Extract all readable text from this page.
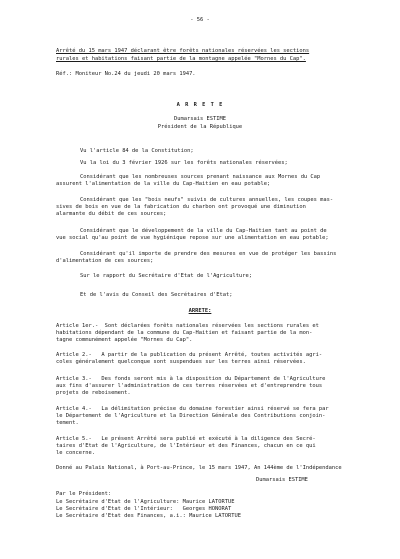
- 56 -
Arrêté du 15 mars 1947 déclarant être forêts nationales réservées les sections
rurales et habitations faisant partie de la montagne appelée "Mornes du Cap".
Réf.: Moniteur No.24 du jeudi 20 mars 1947.
A R R E T E
Dumarsais ESTIME
Président de la République
Vu l'article 84 de la Constitution;
Vu la loi du 3 février 1926 sur les forêts nationales réservées;
Considérant que les nombreuses sources prenant naissance aux Mornes du Cap
assurent l'alimentation de la ville du Cap-Haitien en eau potable;
Considérant que les "bois neufs" suivis de cultures annuelles, les coupes mas-
sives de bois en vue de la fabrication du charbon ont provoqué une diminution
alarmante du débit de ces sources;
Considérant que le développement de la ville du Cap-Haitien tant au point de
vue social qu'au point de vue hygiénique repose sur une alimentation en eau potable;
Considérant qu'il importe de prendre des mesures en vue de protéger les bassins
d'alimentation de ces sources;
Sur le rapport du Secrétaire d'Etat de l'Agriculture;
Et de l'avis du Conseil des Secrétaires d'Etat;
ARRETE:
Article 1er.-  Sont déclarées forêts nationales réservées les sections rurales et
habitations dépendant de la commune du Cap-Haitien et faisant partie de la mon-
tagne communément appelée "Mornes du Cap".
Article 2.-   A partir de la publication du présent Arrêté, toutes activités agri-
coles généralement quelconque sont suspendues sur les terres ainsi réservées.
Article 3.-   Des fonds seront mis à la disposition du Département de l'Agriculture
aux fins d'assurer l'administration de ces terres réservées et d'entreprendre tous
projets de reboisement.
Article 4.-   La délimitation précise du domaine forestier ainsi réservé se fera par
le Département de l'Agriculture et la Direction Générale des Contributions conjoin-
tement.
Article 5.-   Le présent Arrêté sera publié et exécuté à la diligence des Secré-
taires d'Etat de l'Agriculture, de l'Intérieur et des Finances, chacun en ce qui
le concerne.
Donné au Palais National, à Port-au-Prince, le 15 mars 1947, An 144ème de l'Indépendance
Dumarsais ESTIME
Par le Président:
Le Secrétaire d'Etat de l'Agriculture: Maurice LATORTUE
Le Secrétaire d'Etat de l'Intérieur:   Georges HONORAT
Le Secrétaire d'Etat des Finances, a.i.: Maurice LATORTUE
